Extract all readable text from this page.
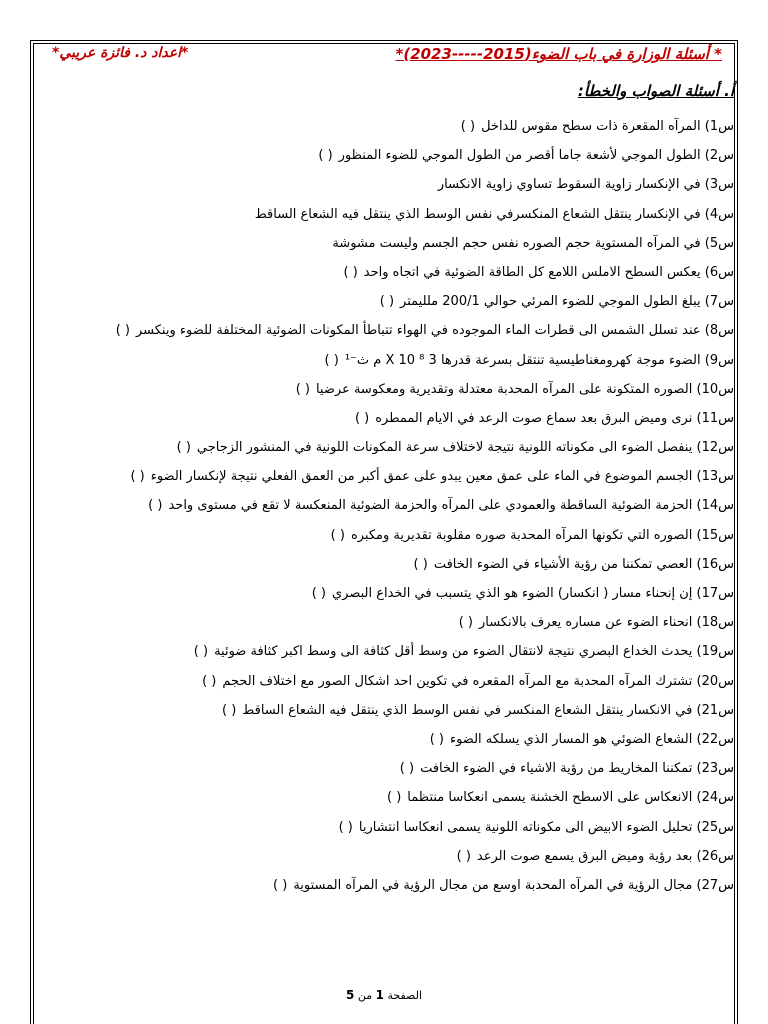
* أسئلة الوزارة في باب الضوء(2015-----2023)*
*اعداد د. فائزة عريبي*
أ. أسئلة الصواب والخطأ:
س1) المرآه المقعرة ذات سطح مقوس للداخل( )
س2) الطول الموجي لأشعة جاما أقصر من الطول الموجي للضوء المنظور( )
س3) في الإنكسار زاوية السقوط تساوي زاوية الانكسار
س4) في الإنكسار ينتقل الشعاع المنكسرفي نفس الوسط الذي ينتقل فيه الشعاع الساقط
س5) في المرآه المستوية حجم الصوره نفس حجم الجسم وليست مشوشة
س6) يعكس السطح الاملس اللامع كل الطاقة الضوئية في اتجاه واحد( )
س7) يبلغ الطول الموجي للضوء المرئي حوالي 200/1 ملليمتر( )
س8) عند تسلل الشمس الى قطرات الماء الموجوده في الهواء تتباطأ المكونات الضوئية المختلفة للضوء وينكسر( )
س9) الضوء موجة كهرومغناطيسية تنتقل بسرعة قدرها 3 X 10 ⁸ م ث⁻¹( )
س10) الصوره المتكونة على المرآه المحدبة معتدلة وتقديرية ومعكوسة عرضيا( )
س11) نرى وميض البرق بعد سماع صوت الرعد في الايام الممطره( )
س12) ينفصل الضوء الى مكوناته اللونية نتيجة لاختلاف سرعة المكونات اللونية في المنشور الزجاجي( )
س13) الجسم الموضوع في الماء على عمق معين يبدو على عمق أكبر من العمق الفعلي نتيجة لإنكسار الضوء( )
س14) الحزمة الضوئية الساقطة والعمودي على المرآه والحزمة الضوئية المنعكسة لا تقع في مستوى واحد( )
س15) الصوره التي تكونها المرآه المحدبة صوره مقلوبة تقديرية ومكبره( )
س16) العصي تمكننا من رؤية الأشياء في الضوء الخافت( )
س17) إن إنحناء مسار ( انكسار) الضوء هو الذي يتسبب في الخداع البصري( )
س18) انحناء الضوء عن مساره يعرف بالانكسار( )
س19) يحدث الخداع البصري نتيجة لانتقال الضوء من وسط أقل كثافة الى وسط اكبر كثافة ضوئية( )
س20) تشترك المرآه المحدبة مع المرآه المقعره في تكوين احد اشكال الصور مع اختلاف الحجم( )
س21) في الانكسار ينتقل الشعاع المنكسر في نفس الوسط الذي ينتقل فيه الشعاع الساقط( )
س22) الشعاع الضوئي هو المسار الذي يسلكه الضوء( )
س23) تمكننا المخاريط من رؤية الاشياء في الضوء الخافت( )
س24) الانعكاس على الاسطح الخشنة يسمى انعكاسا منتظما( )
س25) تحليل الضوء الابيض الى مكوناته اللونية يسمى انعكاسا انتشاريا( )
س26) بعد رؤية وميض البرق يسمع صوت الرعد( )
س27) مجال الرؤية في المرآه المحدبة اوسع من مجال الرؤية في المرآه المستوية( )
الصفحة 1 من 5
